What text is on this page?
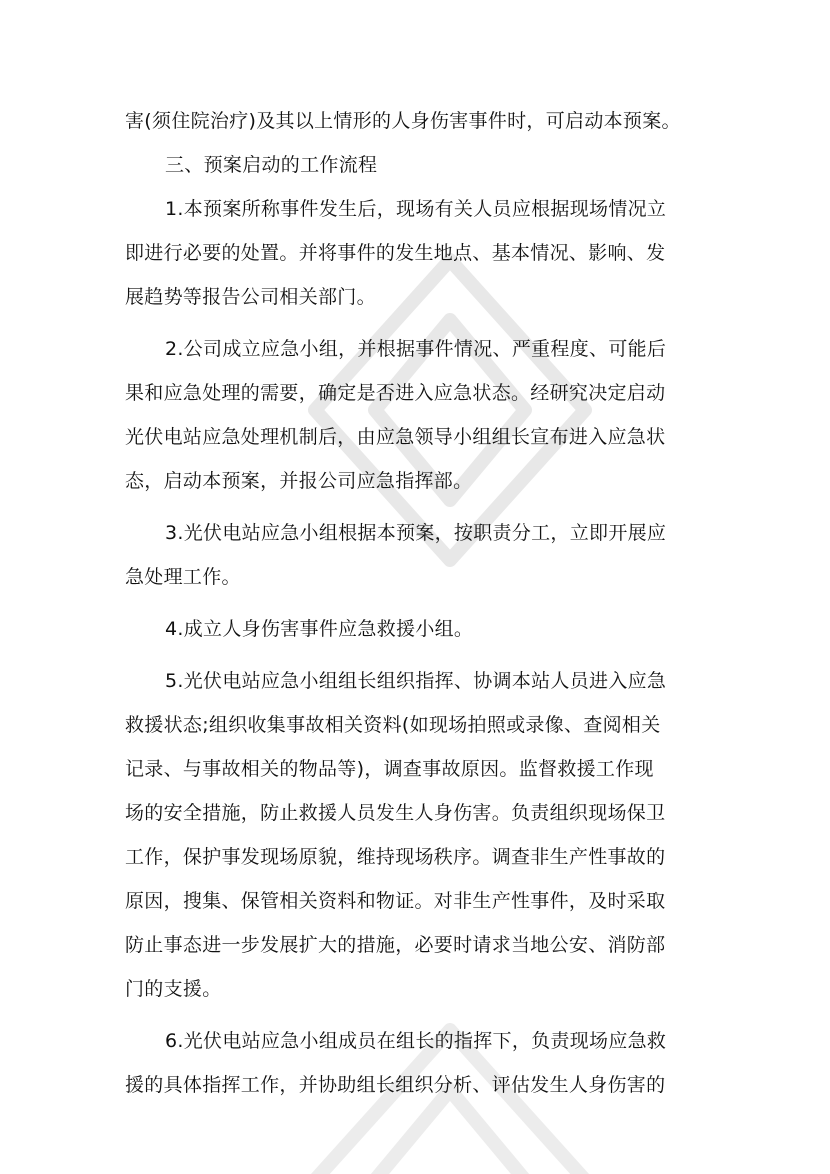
害(须住院治疗)及其以上情形的人身伤害事件时，可启动本预案。
三、预案启动的工作流程
1.本预案所称事件发生后，现场有关人员应根据现场情况立
即进行必要的处置。并将事件的发生地点、基本情况、影响、发
展趋势等报告公司相关部门。
2.公司成立应急小组，并根据事件情况、严重程度、可能后
果和应急处理的需要，确定是否进入应急状态。经研究决定启动
光伏电站应急处理机制后，由应急领导小组组长宣布进入应急状
态，启动本预案，并报公司应急指挥部。
3.光伏电站应急小组根据本预案，按职责分工，立即开展应
急处理工作。
4.成立人身伤害事件应急救援小组。
5.光伏电站应急小组组长组织指挥、协调本站人员进入应急
救援状态;组织收集事故相关资料(如现场拍照或录像、查阅相关
记录、与事故相关的物品等)，调查事故原因。监督救援工作现
场的安全措施，防止救援人员发生人身伤害。负责组织现场保卫
工作，保护事发现场原貌，维持现场秩序。调查非生产性事故的
原因，搜集、保管相关资料和物证。对非生产性事件，及时采取
防止事态进一步发展扩大的措施，必要时请求当地公安、消防部
门的支援。
6.光伏电站应急小组成员在组长的指挥下，负责现场应急救
援的具体指挥工作，并协助组长组织分析、评估发生人身伤害的
